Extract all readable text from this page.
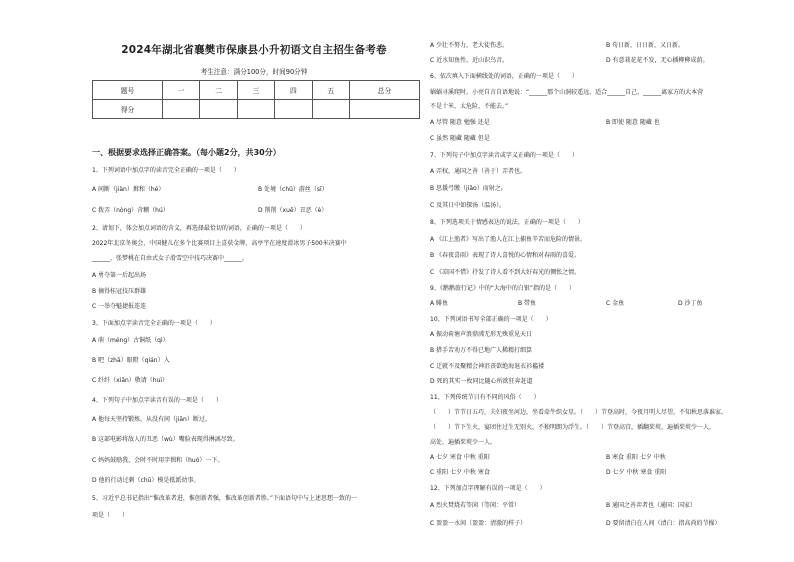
2024年湖北省襄樊市保康县小升初语文自主招生备考卷
考生注意：满分100分，时间90分钟
题号	一	二	三	四	五	总分
得分						
一、根据要求选择正确答案。（每小题2分，共30分）
1、下列词语中加点字的读音完全正确的一项是（　　）
A 间断（jiàn）揖和（hé）	B 处境（chǔ）游丝（sī）
C 拨弄（nòng）含糊（hú）	D 削削（xuē）丑恶（è）
2、请划下，体会加点词语的含义，再选择最恰切的词语，正确的一项是（　　）
2022年北京冬奥会，中国健儿在多个比赛项目上喜获金牌，高亭宇在速度滑冰男子500米决赛中
______，张梦桃在自由式女子滑雪空中技巧决赛中______。
A 勇夺第一后起出场
B 摘得桂冠技压群雄
C 一举夺魁捷报连连
3、下面加点字读音完全正确的一项是（　　）
A 萌（méng）古铜纸（qì）
B 吧（zhā）眼瞪（qián）入
C 纤纤（xiān）敬请（huì）
4、下列句子中加点字读音有误的一项是（　　）
A 他每天坚持锻炼，从没有间（jiān）断过。
B 这部电影将敌人的丑恶（wù）嘴脸表现得淋漓尽致。
C 妈妈鼓励我，会时不时用字揖和（huó）一下。
D 他的行动过剩（chū）模是抵派幼事。
5、习近平总书记指出“惟改革者进，惟创新者强，惟改革创新者胜。”下面语句中与上述思想一致的一
项是（　　）
A 少壮不努力，老大徒伤悲。	B 苟日新，日日新，又日新。
C 近水知鱼性，近山识鸟音。	D 有意栽花花不发，无心插柳柳成荫。
6、依次填入下面横线处的词语，正确的一项是（　　）
蜗蜗寻溪爬时，小亮自言自语地说：“______那个山洞较遥远，适合______自己，______离家方的大本营
不是十米，太危险，不能去。”
A 尽管 随意 勉强 还是	B 即使 随意 随藏 也
C 虽然 随藏 随藏 但是
7、下列句子中加点字读音或字义正确的一项是（　　）
A 弄权，通国之善（善于）弄者也。
B 思援弓缴（jiǎo）而射之。
C 及其日中如探汤（温汤）。
8、下列选项关于情感表达的说法，正确的一项是（　　）
A 《江上渔者》写出了渔人在江上捕鱼辛苦而危险的情景。
B 《春夜喜雨》表现了诗人喜悦的心情和对春雨的喜爱。
C 《凉国不惜》抒发了诗人看不到大好春光的惆怅之情。
9、《鹅鹅旅行记》中的“大海中的白银”指的是（　　）
A 鲱鱼	B 带鱼	C 金鱼	D 沙丁鱼
10、下列词语书写全部正确的一项是（　　）
A 振动荷塘声浪鼎沸无形无殊重见天日
B 措手苦劝万不得已地广人稀精打细算
C 迁就不及聚精会神沮丧欲绝海退衣衫褴褛
D 死的其实一枚同比随心所欲狂奔赶道
11、下列传统节日有不同的风俗（　　）
（　　）节节日五巧，夫妇夜坐河边，坐看牵牛织女星。（　　）节登高时，今夜月明人尽望，不知秋思落谁家。
（　　）节下生火，宴团住过生无别火，不独明朗为浮生。（　　）节登高宫，插翻茱萸，遍插茱萸少一人，
高处，遍插茱萸少一人。
A 七夕 寒食 中秋 重阳	B 寒食 重阳 七夕 中秋
C 重阳 七夕 中秋 寒食	D 七夕 中秋 寒食 重阳
12、下列加点字理解有误的一项是（　　）
A 烈火焚烧若等闲（等闲：平常）	B 通国之善弈者也（通国：国家）
C 盈盈一水间（盈盈：清澈的样子）	D 要留清白在人间（清白：指高尚的节操）
